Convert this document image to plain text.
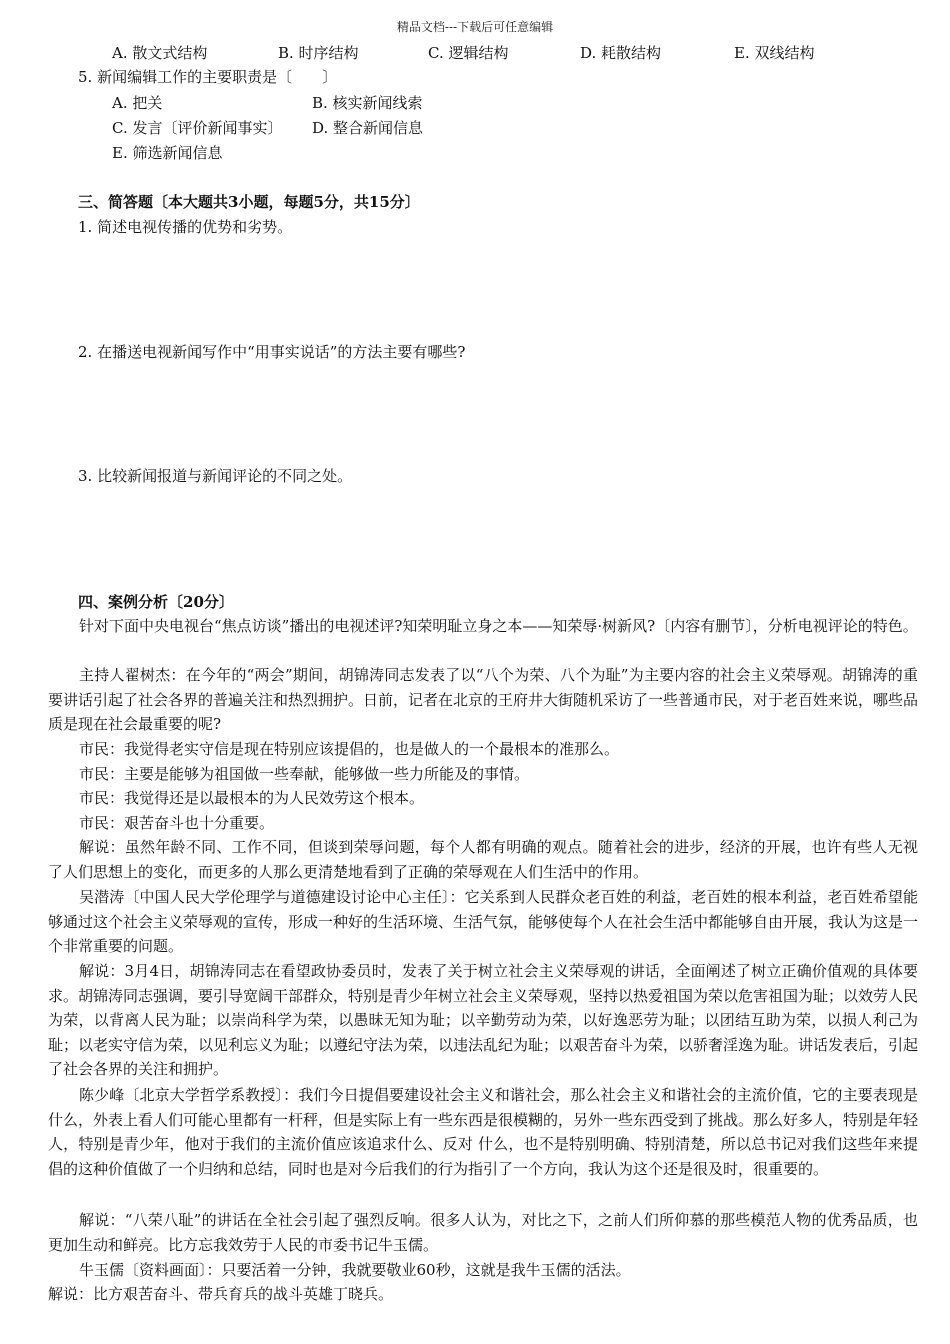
精品文档---下载后可任意编辑
A. 散文式结构	B. 时序结构	C. 逻辑结构	D. 耗散结构	E. 双线结构
5. 新闻编辑工作的主要职责是〔　　〕
A. 把关	B. 核实新闻线索
C. 发言〔评价新闻事实〕 D. 整合新闻信息
E. 筛选新闻信息
三、简答题〔本大题共3小题，每题5分，共15分〕
1. 简述电视传播的优势和劣势。
2. 在播送电视新闻写作中“用事实说话”的方法主要有哪些?
3. 比较新闻报道与新闻评论的不同之处。
四、案例分析〔20分〕
针对下面中央电视台“焦点访谈”播出的电视述评?知荣明耻立身之本——知荣辱·树新风?〔内容有删节〕，分析电视评论的特色。
主持人翟树杰：在今年的“两会”期间，胡锦涛同志发表了以“八个为荣、八个为耻”为主要内容的社会主义荣辱观。胡锦涛的重要讲话引起了社会各界的普遍关注和热烈拥护。日前，记者在北京的王府井大街随机采访了一些普通市民，对于老百姓来说，哪些品质是现在社会最重要的呢?
市民：我觉得老实守信是现在特别应该提倡的，也是做人的一个最根本的准那么。
市民：主要是能够为祖国做一些奉献，能够做一些力所能及的事情。
市民：我觉得还是以最根本的为人民效劳这个根本。
市民：艰苦奋斗也十分重要。
解说：虽然年龄不同、工作不同，但谈到荣辱问题，每个人都有明确的观点。随着社会的进步，经济的开展，也许有些人无视了人们思想上的变化，而更多的人那么更清楚地看到了正确的荣辱观在人们生活中的作用。
吴潜涛〔中国人民大学伦理学与道德建设讨论中心主任〕：它关系到人民群众老百姓的利益，老百姓的根本利益，老百姓希望能够通过这个社会主义荣辱观的宣传，形成一种好的生活环境、生活气氛，能够使每个人在社会生活中都能够自由开展，我认为这是一个非常重要的问题。
解说：3月4日，胡锦涛同志在看望政协委员时，发表了关于树立社会主义荣辱观的讲话，全面阐述了树立正确价值观的具体要求。胡锦涛同志强调，要引导宽阔干部群众，特别是青少年树立社会主义荣辱观，坚持以热爱祖国为荣以危害祖国为耻；以效劳人民为荣，以背离人民为耻；以崇尚科学为荣，以愚昧无知为耻；以辛勤劳动为荣，以好逸恶劳为耻；以团结互助为荣，以损人利己为耻；以老实守信为荣，以见利忘义为耻；以遵纪守法为荣，以违法乱纪为耻；以艰苦奋斗为荣，以骄奢淫逸为耻。讲话发表后，引起了社会各界的关注和拥护。
陈少峰〔北京大学哲学系教授〕：我们今日提倡要建设社会主义和谐社会，那么社会主义和谐社会的主流价值，它的主要表现是什么，外表上看人们可能心里都有一杆秤，但是实际上有一些东西是很模糊的，另外一些东西受到了挑战。那么好多人，特别是年轻人，特别是青少年，他对于我们的主流价值应该追求什么、反对 什么，也不是特别明确、特别清楚，所以总书记对我们这些年来提倡的这种价值做了一个归纳和总结，同时也是对今后我们的行为指引了一个方向，我认为这个还是很及时，很重要的。
解说：“八荣八耻”的讲话在全社会引起了强烈反响。很多人认为，对比之下，之前人们所仰慕的那些模范人物的优秀品质，也更加生动和鲜亮。比方忘我效劳于人民的市委书记牛玉儒。
牛玉儒〔资料画面〕：只要活着一分钟，我就要敬业60秒，这就是我牛玉儒的活法。
解说：比方艰苦奋斗、带兵育兵的战斗英雄丁晓兵。
